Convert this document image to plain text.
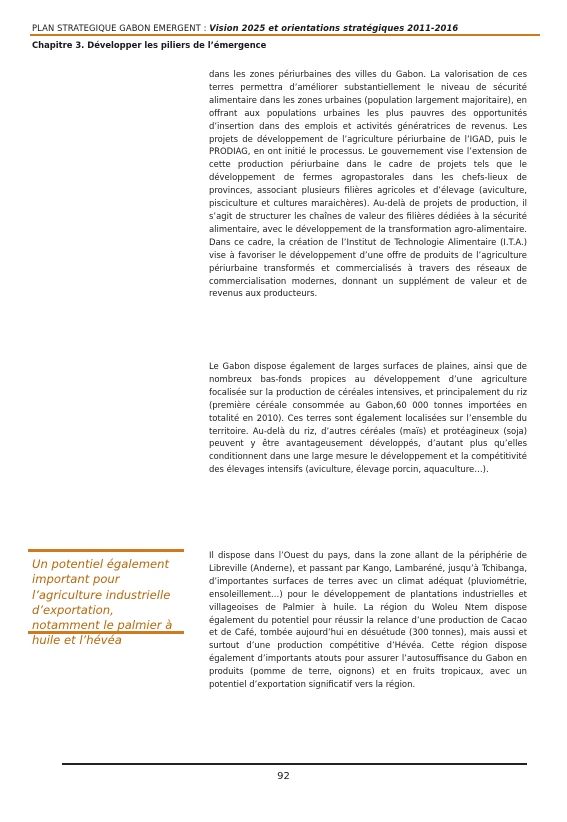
PLAN STRATEGIQUE GABON EMERGENT : Vision 2025 et orientations stratégiques 2011-2016
Chapitre 3. Développer les piliers de l’émergence
dans les zones périurbaines des villes du Gabon. La valorisation de ces terres permettra d’améliorer substantiellement le niveau de sécurité alimentaire dans les zones urbaines (population largement majoritaire), en offrant aux populations urbaines les plus pauvres des opportunités d’insertion dans des emplois et activités génératrices de revenus. Les projets de développement de l’agriculture périurbaine de l’IGAD, puis le PRODIAG, en ont initié le processus. Le gouvernement vise l’extension de cette production périurbaine dans le cadre de projets tels que le développement de fermes agropastorales dans les chefs-lieux de provinces, associant plusieurs filières agricoles et d’élevage (aviculture, pisciculture et cultures maraichères). Au-delà de projets de production, il s’agit de structurer les chaînes de valeur des filières dédiées à la sécurité alimentaire, avec le développement de la transformation agro-alimentaire. Dans ce cadre, la création de l’Institut de Technologie Alimentaire (I.T.A.) vise à favoriser le développement d’une offre de produits de l’agriculture périurbaine transformés et commercialisés à travers des réseaux de commercialisation modernes, donnant un supplément de valeur et de revenus aux producteurs.
Le Gabon dispose également de larges surfaces de plaines, ainsi que de nombreux bas-fonds propices au développement d’une agriculture focalisée sur la production de céréales intensives, et principalement du riz (première céréale consommée au Gabon,60 000 tonnes importées en totalité en 2010). Ces terres sont également localisées sur l’ensemble du territoire. Au-delà du riz, d’autres céréales (maïs) et protéagineux (soja) peuvent y être avantageusement développés, d’autant plus qu’elles conditionnent dans une large mesure le développement et la compétitivité des élevages intensifs (aviculture, élevage porcin, aquaculture…).
Un potentiel également important pour l’agriculture industrielle d’exportation, notamment le palmier à huile et l’hévéa
Il dispose dans l’Ouest du pays, dans la zone allant de la périphérie de Libreville (Anderne), et passant par Kango, Lambaréné, jusqu’à Tchibanga, d’importantes surfaces de terres avec un climat adéquat (pluviométrie, ensoleillement…) pour le développement de plantations industrielles et villageoises de Palmier à huile. La région du Woleu Ntem dispose également du potentiel pour réussir la relance d’une production de Cacao et de Café, tombée aujourd’hui en désuétude (300 tonnes), mais aussi et surtout d’une production compétitive d’Hévéa. Cette région dispose également d’importants atouts pour assurer l’autosuffisance du Gabon en produits (pomme de terre, oignons) et en fruits tropicaux, avec un potentiel d’exportation significatif vers la région.
92
